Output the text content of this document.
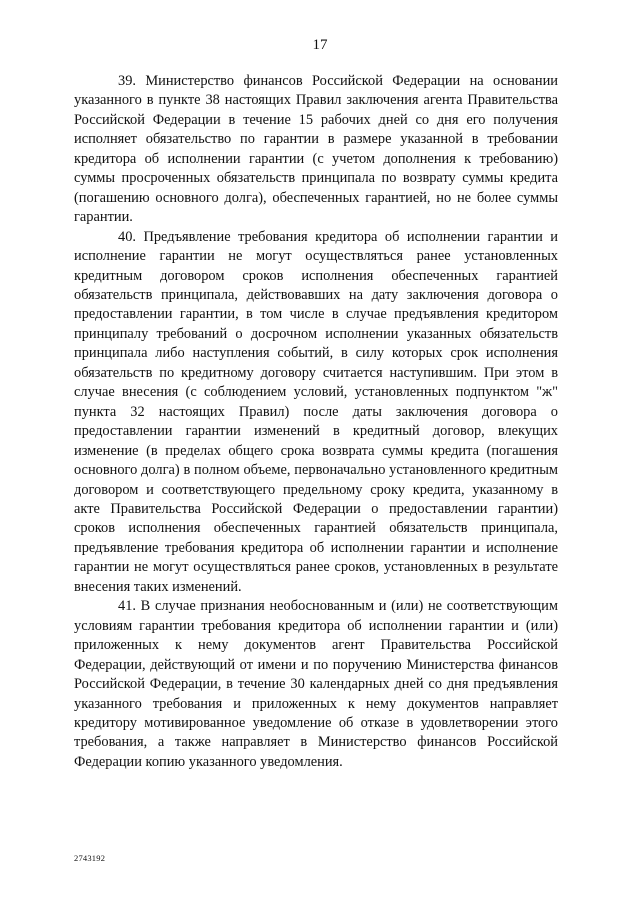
17

39. Министерство финансов Российской Федерации на основании указанного в пункте 38 настоящих Правил заключения агента Правительства Российской Федерации в течение 15 рабочих дней со дня его получения исполняет обязательство по гарантии в размере указанной в требовании кредитора об исполнении гарантии (с учетом дополнения к требованию) суммы просроченных обязательств принципала по возврату суммы кредита (погашению основного долга), обеспеченных гарантией, но не более суммы гарантии.

40. Предъявление требования кредитора об исполнении гарантии и исполнение гарантии не могут осуществляться ранее установленных кредитным договором сроков исполнения обеспеченных гарантией обязательств принципала, действовавших на дату заключения договора о предоставлении гарантии, в том числе в случае предъявления кредитором принципалу требований о досрочном исполнении указанных обязательств принципала либо наступления событий, в силу которых срок исполнения обязательств по кредитному договору считается наступившим. При этом в случае внесения (с соблюдением условий, установленных подпунктом "ж" пункта 32 настоящих Правил) после даты заключения договора о предоставлении гарантии изменений в кредитный договор, влекущих изменение (в пределах общего срока возврата суммы кредита (погашения основного долга) в полном объеме, первоначально установленного кредитным договором и соответствующего предельному сроку кредита, указанному в акте Правительства Российской Федерации о предоставлении гарантии) сроков исполнения обеспеченных гарантией обязательств принципала, предъявление требования кредитора об исполнении гарантии и исполнение гарантии не могут осуществляться ранее сроков, установленных в результате внесения таких изменений.

41. В случае признания необоснованным и (или) не соответствующим условиям гарантии требования кредитора об исполнении гарантии и (или) приложенных к нему документов агент Правительства Российской Федерации, действующий от имени и по поручению Министерства финансов Российской Федерации, в течение 30 календарных дней со дня предъявления указанного требования и приложенных к нему документов направляет кредитору мотивированное уведомление об отказе в удовлетворении этого требования, а также направляет в Министерство финансов Российской Федерации копию указанного уведомления.

2743192
